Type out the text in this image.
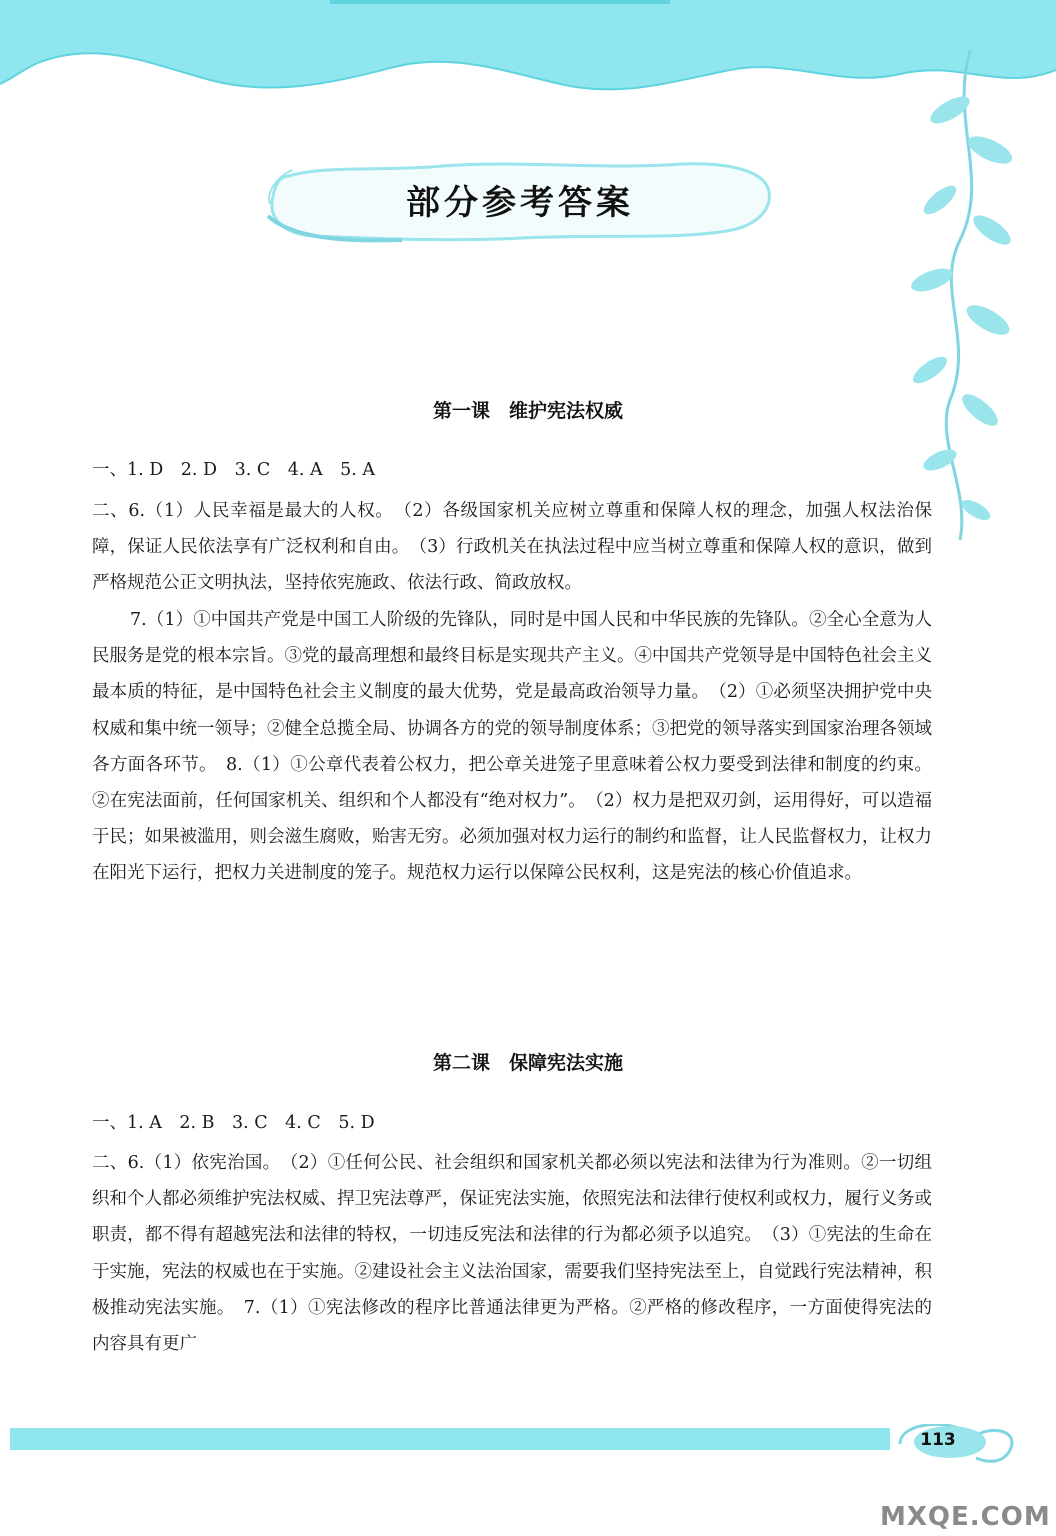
部分参考答案
第一课　维护宪法权威

一、1. D　2. D　3. C　4. A　5. A

二、6.（1）人民幸福是最大的人权。　（2）各级国家机关应树立尊重和保障人权的理念，加强人权法治保障，保证人民依法享有广泛权利和自由。　（3）行政机关在执法过程中应当树立尊重和保障人权的意识，做到严格规范公正文明执法，坚持依宪施政、依法行政、简政放权。

7.（1）①中国共产党是中国工人阶级的先锋队，同时是中国人民和中华民族的先锋队。②全心全意为人民服务是党的根本宗旨。③党的最高理想和最终目标是实现共产主义。④中国共产党领导是中国特色社会主义最本质的特征，是中国特色社会主义制度的最大优势，党是最高政治领导力量。　（2）①必须坚决拥护党中央权威和集中统一领导；②健全总揽全局、协调各方的党的领导制度体系；③把党的领导落实到国家治理各领域各方面各环节。　8.（1）①公章代表着公权力，把公章关进笼子里意味着公权力要受到法律和制度的约束。②在宪法面前，任何国家机关、组织和个人都没有“绝对权力”。　（2）权力是把双刃剑，运用得好，可以造福于民；如果被滥用，则会滋生腐败，贻害无穷。必须加强对权力运行的制约和监督，让人民监督权力，让权力在阳光下运行，把权力关进制度的笼子。规范权力运行以保障公民权利，这是宪法的核心价值追求。

第二课　保障宪法实施

一、1. A　2. B　3. C　4. C　5. D

二、6.（1）依宪治国。　（2）①任何公民、社会组织和国家机关都必须以宪法和法律为行为准则。②一切组织和个人都必须维护宪法权威、捍卫宪法尊严，保证宪法实施，依照宪法和法律行使权利或权力，履行义务或职责，都不得有超越宪法和法律的特权，一切违反宪法和法律的行为都必须予以追究。　（3）①宪法的生命在于实施，宪法的权威也在于实施。②建设社会主义法治国家，需要我们坚持宪法至上，自觉践行宪法精神，积极推动宪法实施。　7.（1）①宪法修改的程序比普通法律更为严格。②严格的修改程序，一方面使得宪法的内容具有更广

113
MXQE.COM
